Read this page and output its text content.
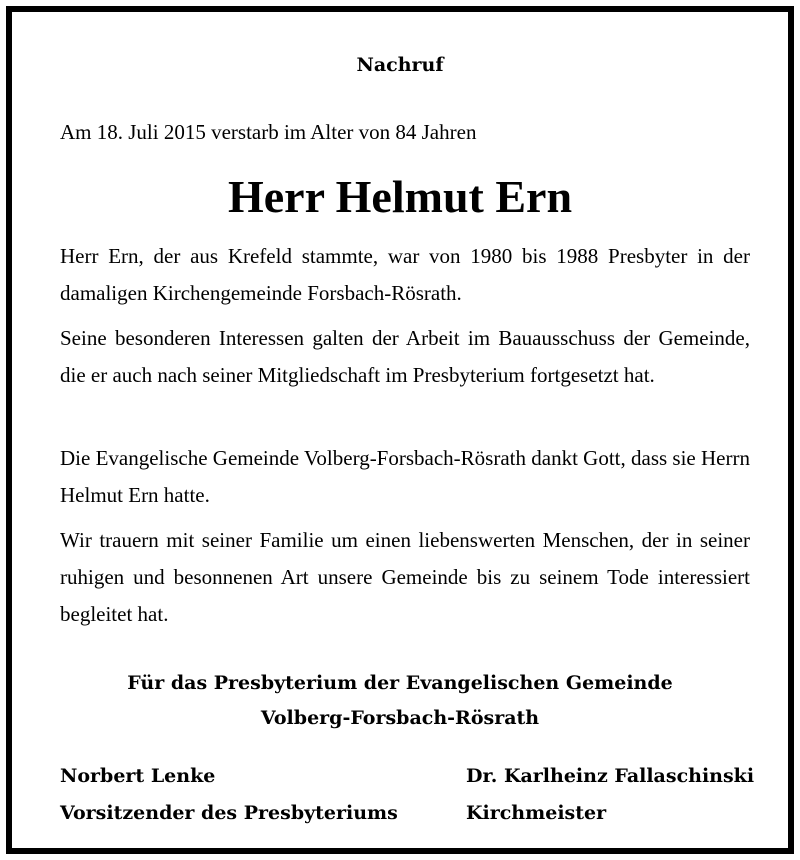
Nachruf
Am 18. Juli 2015 verstarb im Alter von 84 Jahren
Herr Helmut Ern
Herr Ern, der aus Krefeld stammte, war von 1980 bis 1988 Presbyter in der damaligen Kirchengemeinde Forsbach-Rösrath.
Seine besonderen Interessen galten der Arbeit im Bauausschuss der Gemeinde, die er auch nach seiner Mitgliedschaft im Presbyterium fortgesetzt hat.
Die Evangelische Gemeinde Volberg-Forsbach-Rösrath dankt Gott, dass sie Herrn Helmut Ern hatte.
Wir trauern mit seiner Familie um einen liebenswerten Menschen, der in seiner ruhigen und besonnenen Art unsere Gemeinde bis zu seinem Tode interessiert begleitet hat.
Für das Presbyterium der Evangelischen Gemeinde
Volberg-Forsbach-Rösrath
Norbert Lenke
Vorsitzender des Presbyteriums
Dr. Karlheinz Fallaschinski
Kirchmeister
